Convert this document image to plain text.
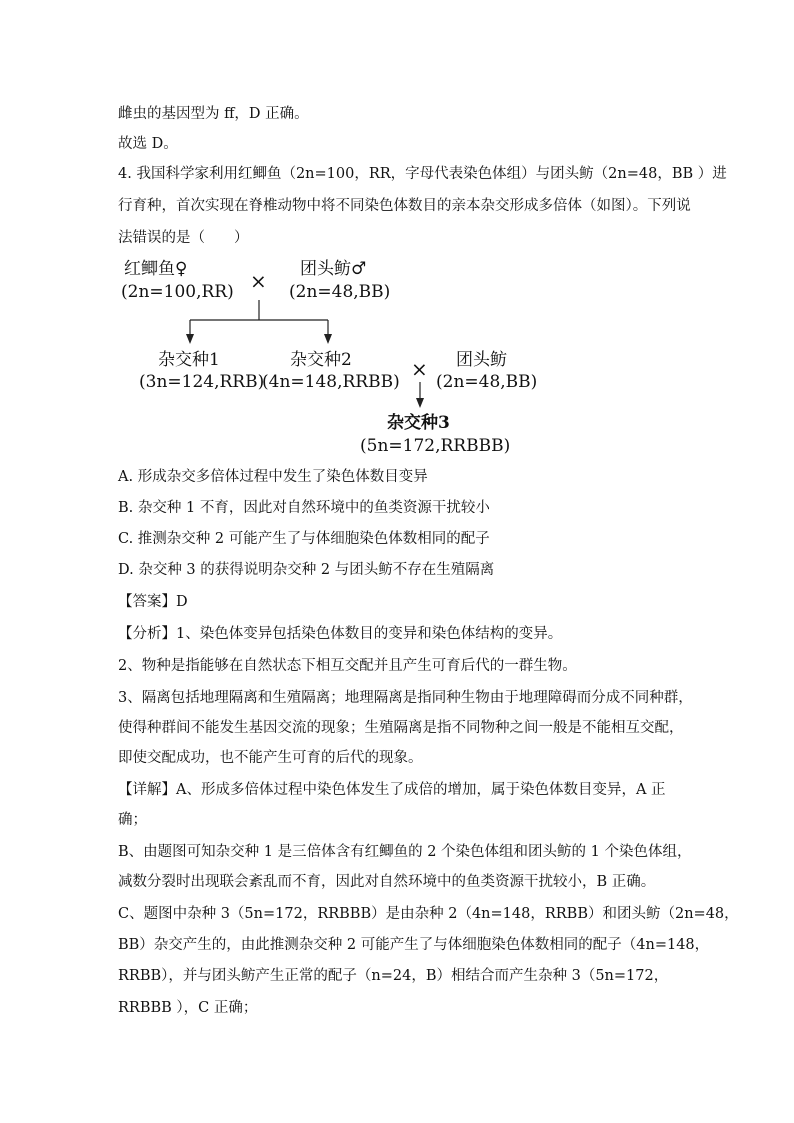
雌虫的基因型为 ff，D 正确。
故选 D。
4. 我国科学家利用红鲫鱼（2n=100，RR，字母代表染色体组）与团头鲂（2n=48，BB ）进
行育种，首次实现在脊椎动物中将不同染色体数目的亲本杂交形成多倍体（如图）。下列说
法错误的是（　　）
红鲫鱼♀
(2n=100,RR) × 团头鲂♂
(2n=48,BB)
杂交种1
(3n=124,RRB)
杂交种2
(4n=148,RRBB)
× 团头鲂
(2n=48,BB)
杂交种3
(5n=172,RRBBB)
A. 形成杂交多倍体过程中发生了染色体数目变异
B. 杂交种 1 不育，因此对自然环境中的鱼类资源干扰较小
C. 推测杂交种 2 可能产生了与体细胞染色体数相同的配子
D. 杂交种 3 的获得说明杂交种 2 与团头鲂不存在生殖隔离
【答案】D
【分析】1、染色体变异包括染色体数目的变异和染色体结构的变异。
2、物种是指能够在自然状态下相互交配并且产生可育后代的一群生物。
3、隔离包括地理隔离和生殖隔离；地理隔离是指同种生物由于地理障碍而分成不同种群，
使得种群间不能发生基因交流的现象；生殖隔离是指不同物种之间一般是不能相互交配，
即使交配成功，也不能产生可育的后代的现象。
【详解】A、形成多倍体过程中染色体发生了成倍的增加，属于染色体数目变异，A 正
确；
B、由题图可知杂交种 1 是三倍体含有红鲫鱼的 2 个染色体组和团头鲂的 1 个染色体组，
减数分裂时出现联会紊乱而不育，因此对自然环境中的鱼类资源干扰较小，B 正确。
C、题图中杂种 3（5n=172，RRBBB）是由杂种 2（4n=148，RRBB）和团头鲂（2n=48，
BB）杂交产生的，由此推测杂交种 2 可能产生了与体细胞染色体数相同的配子（4n=148，
RRBB），并与团头鲂产生正常的配子（n=24，B）相结合而产生杂种 3（5n=172，
RRBBB ），C 正确；
